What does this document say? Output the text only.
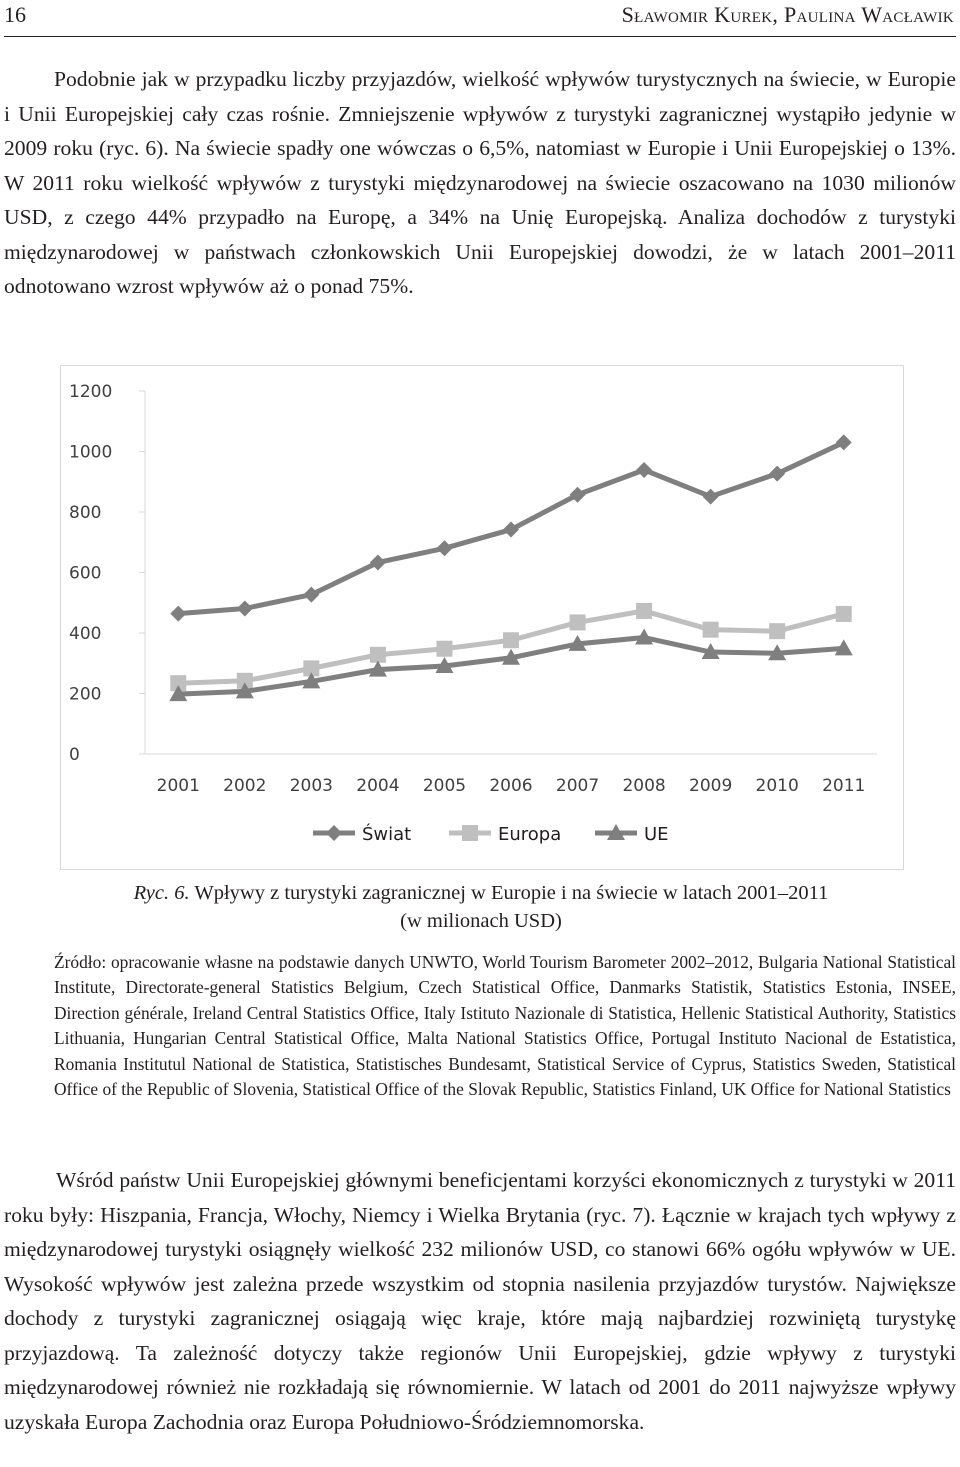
16	Sławomir Kurek, Paulina Wacławik

Podobnie jak w przypadku liczby przyjazdów, wielkość wpływów turystycznych na świecie, w Europie i Unii Europejskiej cały czas rośnie. Zmniejszenie wpływów z turystyki zagranicznej wystąpiło jedynie w 2009 roku (ryc. 6). Na świecie spadły one wówczas o 6,5%, natomiast w Europie i Unii Europejskiej o 13%. W 2011 roku wielkość wpływów z turystyki międzynarodowej na świecie oszacowano na 1030 milionów USD, z czego 44% przypadło na Europę, a 34% na Unię Europejską. Analiza dochodów z turystyki międzynarodowej w państwach członkowskich Unii Europejskiej dowodzi, że w latach 2001–2011 odnotowano wzrost wpływów aż o ponad 75%.

0
200
400
600
800
1000
1200
2001 2002 2003 2004 2005 2006 2007 2008 2009 2010 2011
Świat	Europa	UE

Ryc. 6. Wpływy z turystyki zagranicznej w Europie i na świecie w latach 2001–2011

(w milionach USD)

Źródło: opracowanie własne na podstawie danych UNWTO, World Tourism Barometer 2002–2012, Bulgaria National Statistical Institute, Directorate-general Statistics Belgium, Czech Statistical Office, Danmarks Statistik, Statistics Estonia, INSEE, Direction générale, Ireland Central Statistics Office, Italy Istituto Nazionale di Statistica, Hellenic Statistical Authority, Statistics Lithuania, Hungarian Central Statistical Office, Malta National Statistics Office, Portugal Instituto Nacional de Estatistica, Romania Institutul National de Statistica, Statistisches Bundesamt, Statistical Service of Cyprus, Statistics Sweden, Statistical Office of the Republic of Slovenia, Statistical Office of the Slovak Republic, Statistics Finland, UK Office for National Statistics

Wśród państw Unii Europejskiej głównymi beneficjentami korzyści ekonomicznych z turystyki w 2011 roku były: Hiszpania, Francja, Włochy, Niemcy i Wielka Brytania (ryc. 7). Łącznie w krajach tych wpływy z międzynarodowej turystyki osiągnęły wielkość 232 milionów USD, co stanowi 66% ogółu wpływów w UE. Wysokość wpływów jest zależna przede wszystkim od stopnia nasilenia przyjazdów turystów. Największe dochody z turystyki zagranicznej osiągają więc kraje, które mają najbardziej rozwiniętą turystykę przyjazdową. Ta zależność dotyczy także regionów Unii Europejskiej, gdzie wpływy z turystyki międzynarodowej również nie rozkładają się równomiernie. W latach od 2001 do 2011 najwyższe wpływy uzyskała Europa Zachodnia oraz Europa Południowo-Śródziemnomorska.
